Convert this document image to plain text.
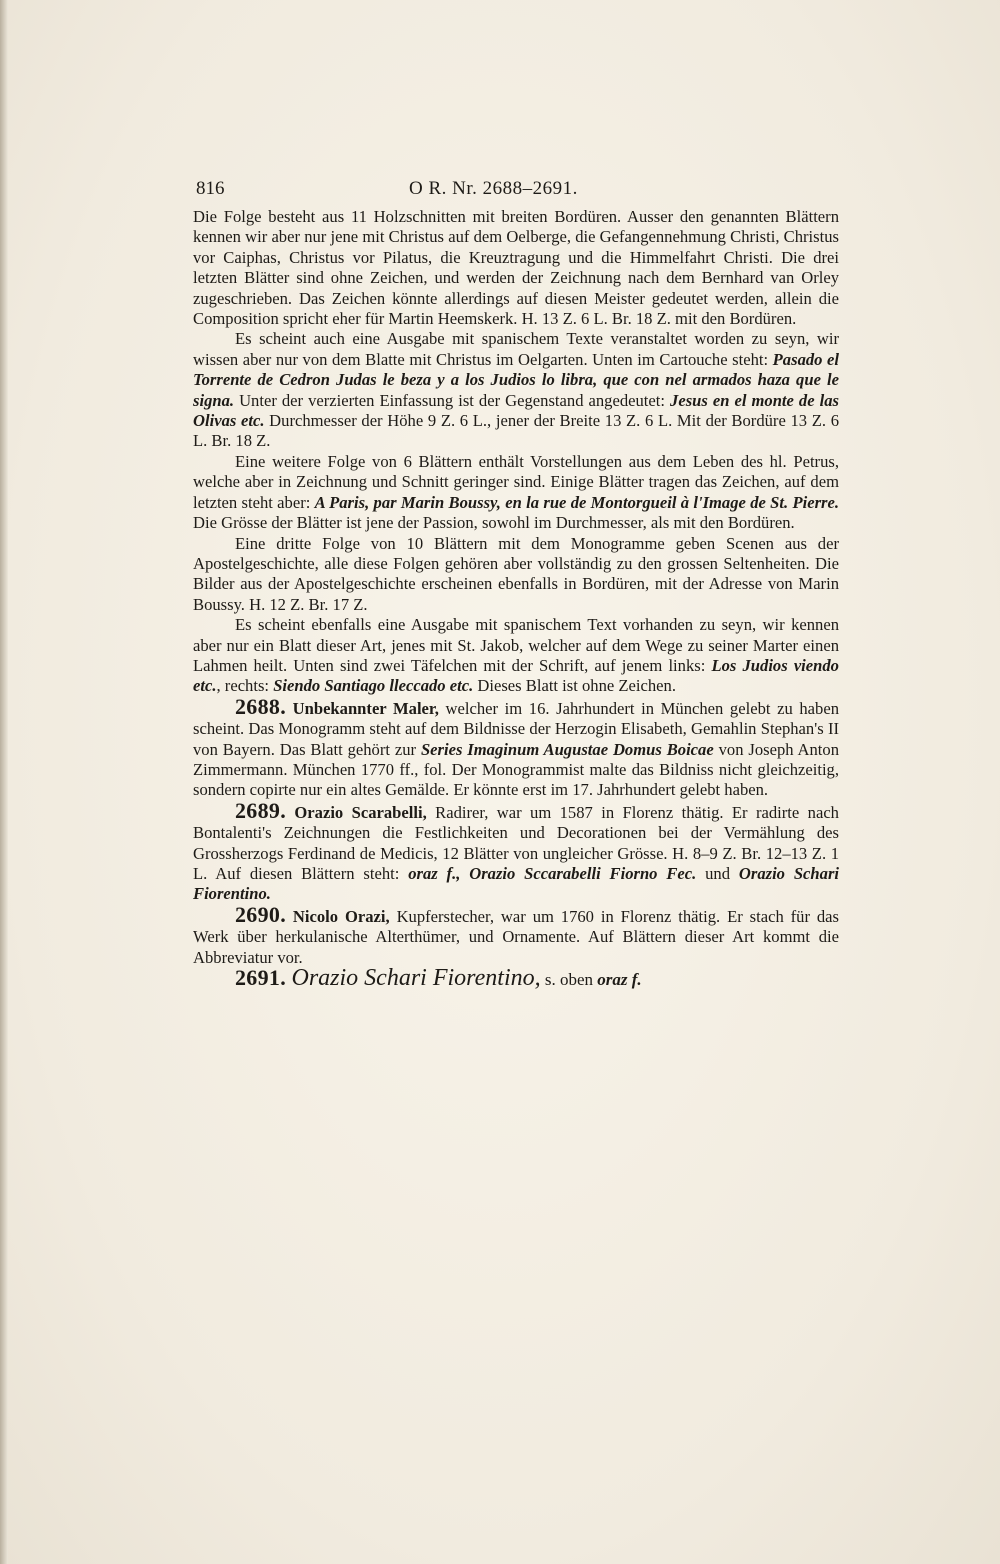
816	O R. Nr. 2688–2691.

Die Folge besteht aus 11 Holzschnitten mit breiten Bordüren. Ausser den genannten Blättern kennen wir aber nur jene mit Christus auf dem Oelberge, die Gefangennehmung Christi, Christus vor Caiphas, Christus vor Pilatus, die Kreuztragung und die Himmelfahrt Christi. Die drei letzten Blätter sind ohne Zeichen, und werden der Zeichnung nach dem Bernhard van Orley zugeschrieben. Das Zeichen könnte allerdings auf diesen Meister gedeutet werden, allein die Composition spricht eher für Martin Heemskerk. H. 13 Z. 6 L. Br. 18 Z. mit den Bordüren.

Es scheint auch eine Ausgabe mit spanischem Texte veranstaltet worden zu seyn, wir wissen aber nur von dem Blatte mit Christus im Oelgarten. Unten im Cartouche steht: Pasado el Torrente de Cedron Judas le beza y a los Judios lo libra, que con nel armados haza que le signa. Unter der verzierten Einfassung ist der Gegenstand angedeutet: Jesus en el monte de las Olivas etc. Durchmesser der Höhe 9 Z. 6 L., jener der Breite 13 Z. 6 L. Mit der Bordüre 13 Z. 6 L. Br. 18 Z.

Eine weitere Folge von 6 Blättern enthält Vorstellungen aus dem Leben des hl. Petrus, welche aber in Zeichnung und Schnitt geringer sind. Einige Blätter tragen das Zeichen, auf dem letzten steht aber: A Paris, par Marin Boussy, en la rue de Montorgueil à l'Image de St. Pierre. Die Grösse der Blätter ist jene der Passion, sowohl im Durchmesser, als mit den Bordüren.

Eine dritte Folge von 10 Blättern mit dem Monogramme geben Scenen aus der Apostelgeschichte, alle diese Folgen gehören aber vollständig zu den grossen Seltenheiten. Die Bilder aus der Apostelgeschichte erscheinen ebenfalls in Bordüren, mit der Adresse von Marin Boussy. H. 12 Z. Br. 17 Z.

Es scheint ebenfalls eine Ausgabe mit spanischem Text vorhanden zu seyn, wir kennen aber nur ein Blatt dieser Art, jenes mit St. Jakob, welcher auf dem Wege zu seiner Marter einen Lahmen heilt. Unten sind zwei Täfelchen mit der Schrift, auf jenem links: Los Judios viendo etc., rechts: Siendo Santiago lleccado etc. Dieses Blatt ist ohne Zeichen.

2688. Unbekannter Maler, welcher im 16. Jahrhundert in München gelebt zu haben scheint. Das Monogramm steht auf dem Bildnisse der Herzogin Elisabeth, Gemahlin Stephan's II von Bayern. Das Blatt gehört zur Series Imaginum Augustae Domus Boicae von Joseph Anton Zimmermann. München 1770 ff., fol. Der Monogrammist malte das Bildniss nicht gleichzeitig, sondern copirte nur ein altes Gemälde. Er könnte erst im 17. Jahrhundert gelebt haben.

2689. Orazio Scarabelli, Radirer, war um 1587 in Florenz thätig. Er radirte nach Bontalenti's Zeichnungen die Festlichkeiten und Decorationen bei der Vermählung des Grossherzogs Ferdinand de Medicis, 12 Blätter von ungleicher Grösse. H. 8–9 Z. Br. 12–13 Z. 1 L. Auf diesen Blättern steht: oraz f., Orazio Sccarabelli Fiorno Fec. und Orazio Schari Fiorentino.

2690. Nicolo Orazi, Kupferstecher, war um 1760 in Florenz thätig. Er stach für das Werk über herkulanische Alterthümer, und Ornamente. Auf Blättern dieser Art kommt die Abbreviatur vor.

2691. Orazio Schari Fiorentino, s. oben oraz f.
